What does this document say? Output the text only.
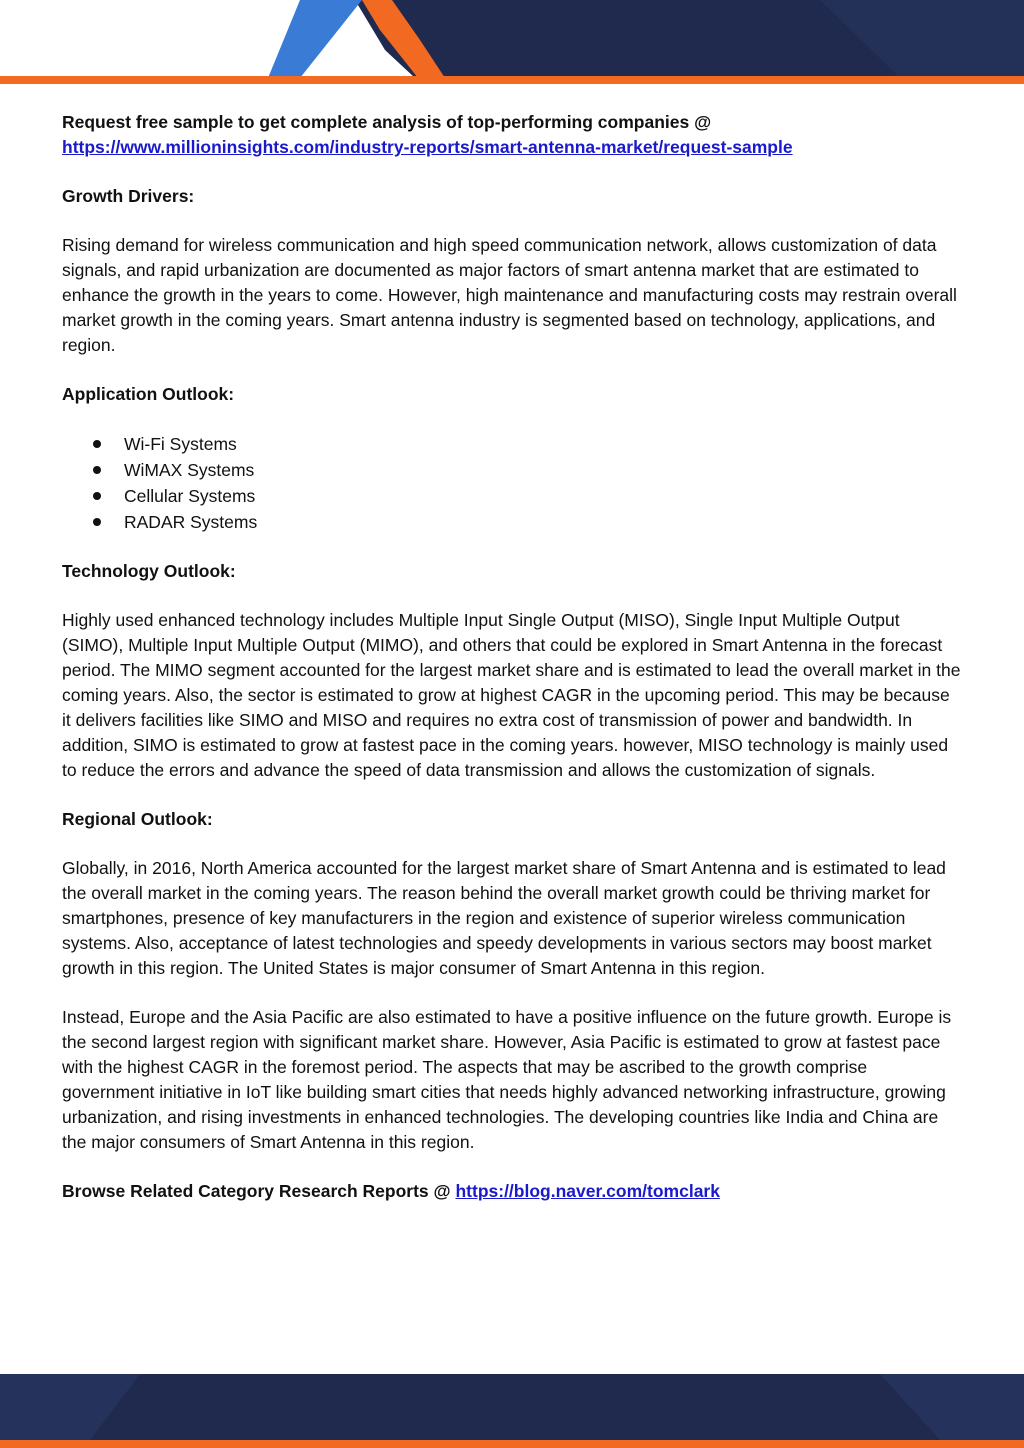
Request free sample to get complete analysis of top-performing companies @
https://www.millioninsights.com/industry-reports/smart-antenna-market/request-sample

Growth Drivers:

Rising demand for wireless communication and high speed communication network, allows customization of data signals, and rapid urbanization are documented as major factors of smart antenna market that are estimated to enhance the growth in the years to come. However, high maintenance and manufacturing costs may restrain overall market growth in the coming years. Smart antenna industry is segmented based on technology, applications, and region.

Application Outlook:

Wi-Fi Systems
WiMAX Systems
Cellular Systems
RADAR Systems

Technology Outlook:

Highly used enhanced technology includes Multiple Input Single Output (MISO), Single Input Multiple Output (SIMO), Multiple Input Multiple Output (MIMO), and others that could be explored in Smart Antenna in the forecast period. The MIMO segment accounted for the largest market share and is estimated to lead the overall market in the coming years. Also, the sector is estimated to grow at highest CAGR in the upcoming period. This may be because it delivers facilities like SIMO and MISO and requires no extra cost of transmission of power and bandwidth. In addition, SIMO is estimated to grow at fastest pace in the coming years. however, MISO technology is mainly used to reduce the errors and advance the speed of data transmission and allows the customization of signals.

Regional Outlook:

Globally, in 2016, North America accounted for the largest market share of Smart Antenna and is estimated to lead the overall market in the coming years. The reason behind the overall market growth could be thriving market for smartphones, presence of key manufacturers in the region and existence of superior wireless communication systems. Also, acceptance of latest technologies and speedy developments in various sectors may boost market growth in this region. The United States is major consumer of Smart Antenna in this region.

Instead, Europe and the Asia Pacific are also estimated to have a positive influence on the future growth. Europe is the second largest region with significant market share. However, Asia Pacific is estimated to grow at fastest pace with the highest CAGR in the foremost period. The aspects that may be ascribed to the growth comprise government initiative in IoT like building smart cities that needs highly advanced networking infrastructure, growing urbanization, and rising investments in enhanced technologies. The developing countries like India and China are the major consumers of Smart Antenna in this region.

Browse Related Category Research Reports @ https://blog.naver.com/tomclark
